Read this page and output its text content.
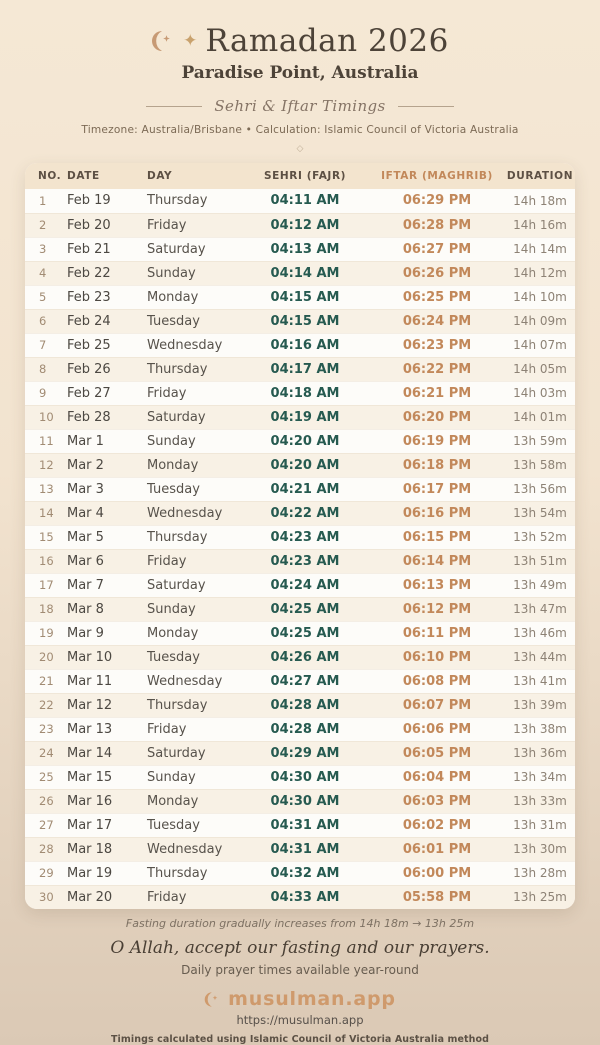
✦ Ramadan 2026
Paradise Point, Australia
Sehri & Iftar Timings
Timezone: Australia/Brisbane • Calculation: Islamic Council of Victoria Australia
◇
NO.	DATE	DAY	SEHRI (FAJR)	IFTAR (MAGHRIB)	DURATION
1	Feb 19	Thursday	04:11 AM	06:29 PM	14h 18m
2	Feb 20	Friday	04:12 AM	06:28 PM	14h 16m
3	Feb 21	Saturday	04:13 AM	06:27 PM	14h 14m
4	Feb 22	Sunday	04:14 AM	06:26 PM	14h 12m
5	Feb 23	Monday	04:15 AM	06:25 PM	14h 10m
6	Feb 24	Tuesday	04:15 AM	06:24 PM	14h 09m
7	Feb 25	Wednesday	04:16 AM	06:23 PM	14h 07m
8	Feb 26	Thursday	04:17 AM	06:22 PM	14h 05m
9	Feb 27	Friday	04:18 AM	06:21 PM	14h 03m
10	Feb 28	Saturday	04:19 AM	06:20 PM	14h 01m
11	Mar 1	Sunday	04:20 AM	06:19 PM	13h 59m
12	Mar 2	Monday	04:20 AM	06:18 PM	13h 58m
13	Mar 3	Tuesday	04:21 AM	06:17 PM	13h 56m
14	Mar 4	Wednesday	04:22 AM	06:16 PM	13h 54m
15	Mar 5	Thursday	04:23 AM	06:15 PM	13h 52m
16	Mar 6	Friday	04:23 AM	06:14 PM	13h 51m
17	Mar 7	Saturday	04:24 AM	06:13 PM	13h 49m
18	Mar 8	Sunday	04:25 AM	06:12 PM	13h 47m
19	Mar 9	Monday	04:25 AM	06:11 PM	13h 46m
20	Mar 10	Tuesday	04:26 AM	06:10 PM	13h 44m
21	Mar 11	Wednesday	04:27 AM	06:08 PM	13h 41m
22	Mar 12	Thursday	04:28 AM	06:07 PM	13h 39m
23	Mar 13	Friday	04:28 AM	06:06 PM	13h 38m
24	Mar 14	Saturday	04:29 AM	06:05 PM	13h 36m
25	Mar 15	Sunday	04:30 AM	06:04 PM	13h 34m
26	Mar 16	Monday	04:30 AM	06:03 PM	13h 33m
27	Mar 17	Tuesday	04:31 AM	06:02 PM	13h 31m
28	Mar 18	Wednesday	04:31 AM	06:01 PM	13h 30m
29	Mar 19	Thursday	04:32 AM	06:00 PM	13h 28m
30	Mar 20	Friday	04:33 AM	05:58 PM	13h 25m
Fasting duration gradually increases from 14h 18m → 13h 25m
O Allah, accept our fasting and our prayers.
Daily prayer times available year-round
musulman.app
https://musulman.app
Timings calculated using Islamic Council of Victoria Australia method
